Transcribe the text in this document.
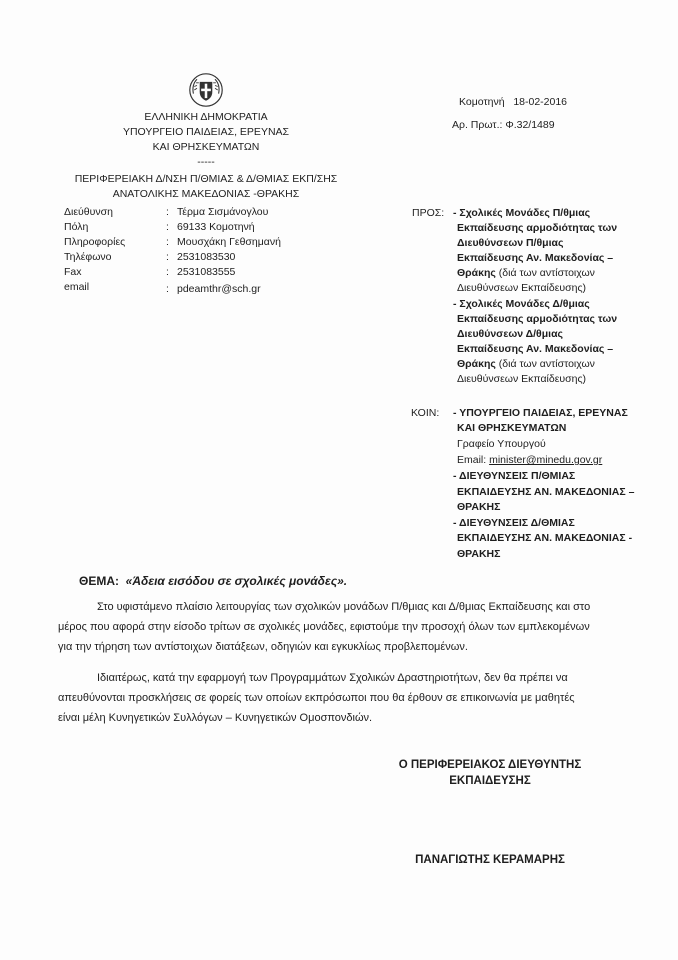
ΕΛΛΗΝΙΚΗ ΔΗΜΟΚΡΑΤΙΑ
ΥΠΟΥΡΓΕΙΟ ΠΑΙΔΕΙΑΣ, ΕΡΕΥΝΑΣ
ΚΑΙ ΘΡΗΣΚΕΥΜΑΤΩΝ
-----
ΠΕΡΙΦΕΡΕΙΑΚΗ Δ/ΝΣΗ Π/ΘΜΙΑΣ & Δ/ΘΜΙΑΣ ΕΚΠ/ΣΗΣ
ΑΝΑΤΟΛΙΚΗΣ ΜΑΚΕΔΟΝΙΑΣ -ΘΡΑΚΗΣ
Κομοτηνή 18-02-2016
Αρ. Πρωτ.: Φ.32/1489
Διεύθυνση	: Τέρμα Σισμάνογλου
Πόλη	: 69133 Κομοτηνή
Πληροφορίες	: Μουσχάκη Γεθσημανή
Τηλέφωνο	: 2531083530
Fax	: 2531083555
email	: pdeamthr@sch.gr
ΠΡΟΣ: - Σχολικές Μονάδες Π/θμιας
Εκπαίδευσης αρμοδιότητας των
Διευθύνσεων Π/θμιας
Εκπαίδευσης Αν. Μακεδονίας –
Θράκης (διά των αντίστοιχων
Διευθύνσεων Εκπαίδευσης)
- Σχολικές Μονάδες Δ/θμιας
Εκπαίδευσης αρμοδιότητας των
Διευθύνσεων Δ/θμιας
Εκπαίδευσης Αν. Μακεδονίας –
Θράκης (διά των αντίστοιχων
Διευθύνσεων Εκπαίδευσης)
ΚΟΙΝ: - ΥΠΟΥΡΓΕΙΟ ΠΑΙΔΕΙΑΣ, ΕΡΕΥΝΑΣ
ΚΑΙ ΘΡΗΣΚΕΥΜΑΤΩΝ
Γραφείο Υπουργού
Email: minister@minedu.gov.gr
- ΔΙΕΥΘΥΝΣΕΙΣ Π/ΘΜΙΑΣ
ΕΚΠΑΙΔΕΥΣΗΣ ΑΝ. ΜΑΚΕΔΟΝΙΑΣ –
ΘΡΑΚΗΣ
- ΔΙΕΥΘΥΝΣΕΙΣ Δ/ΘΜΙΑΣ
ΕΚΠΑΙΔΕΥΣΗΣ ΑΝ. ΜΑΚΕΔΟΝΙΑΣ -
ΘΡΑΚΗΣ
ΘΕΜΑ: «Άδεια εισόδου σε σχολικές μονάδες».
Στο υφιστάμενο πλαίσιο λειτουργίας των σχολικών μονάδων Π/θμιας και Δ/θμιας Εκπαίδευσης και στο
μέρος που αφορά στην είσοδο τρίτων σε σχολικές μονάδες, εφιστούμε την προσοχή όλων των εμπλεκομένων
για την τήρηση των αντίστοιχων διατάξεων, οδηγιών και εγκυκλίως προβλεπομένων.
Ιδιαιτέρως, κατά την εφαρμογή των Προγραμμάτων Σχολικών Δραστηριοτήτων, δεν θα πρέπει να
απευθύνονται προσκλήσεις σε φορείς των οποίων εκπρόσωποι που θα έρθουν σε επικοινωνία με μαθητές
είναι μέλη Κυνηγετικών Συλλόγων – Κυνηγετικών Ομοσπονδιών.
Ο ΠΕΡΙΦΕΡΕΙΑΚΟΣ ΔΙΕΥΘΥΝΤΗΣ
ΕΚΠΑΙΔΕΥΣΗΣ
ΠΑΝΑΓΙΩΤΗΣ ΚΕΡΑΜΑΡΗΣ
